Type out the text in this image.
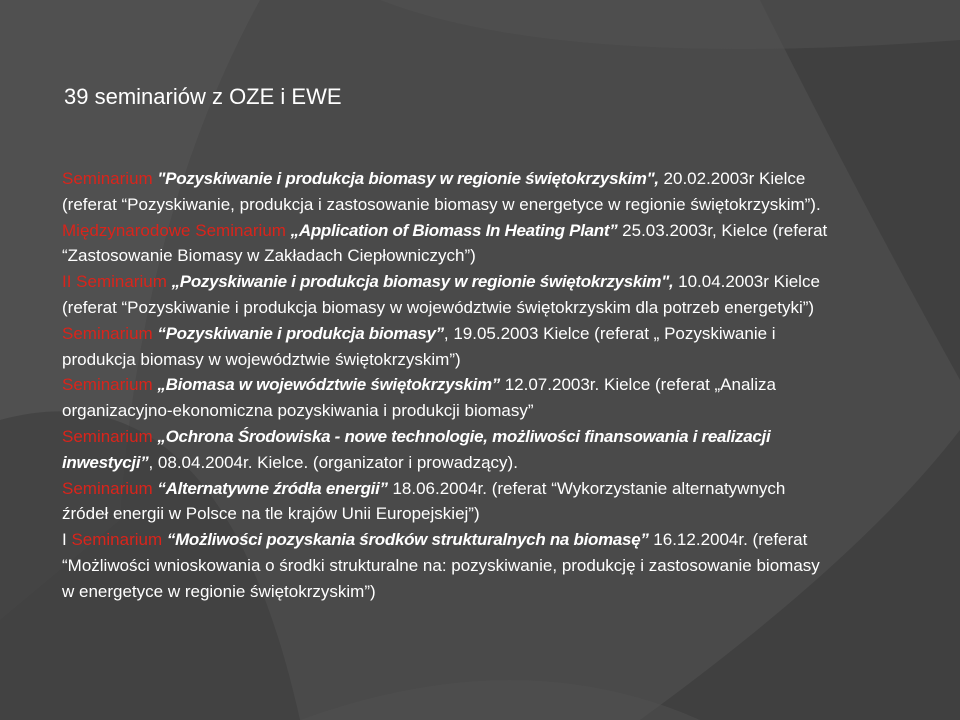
39 seminariów z OZE i EWE
Seminarium "Pozyskiwanie i produkcja biomasy w regionie świętokrzyskim", 20.02.2003r Kielce (referat “Pozyskiwanie, produkcja i zastosowanie biomasy w energetyce w regionie świętokrzyskim”).
Międzynarodowe Seminarium „Application of Biomass In Heating Plant” 25.03.2003r, Kielce (referat “Zastosowanie Biomasy w Zakładach Ciepłowniczych”)
II Seminarium „Pozyskiwanie i produkcja biomasy w regionie świętokrzyskim", 10.04.2003r Kielce (referat “Pozyskiwanie i produkcja biomasy w województwie świętokrzyskim dla potrzeb energetyki”)
Seminarium “Pozyskiwanie i produkcja biomasy”, 19.05.2003 Kielce (referat „ Pozyskiwanie i produkcja biomasy w województwie świętokrzyskim”)
Seminarium „Biomasa w województwie świętokrzyskim” 12.07.2003r. Kielce (referat „Analiza organizacyjno-ekonomiczna pozyskiwania i produkcji biomasy”
Seminarium „Ochrona Środowiska - nowe technologie, możliwości finansowania i realizacji inwestycji”, 08.04.2004r. Kielce. (organizator i prowadzący).
Seminarium “Alternatywne źródła energii” 18.06.2004r. (referat “Wykorzystanie alternatywnych źródeł energii w Polsce na tle krajów Unii Europejskiej”)
I Seminarium “Możliwości pozyskania środków strukturalnych na biomasę” 16.12.2004r. (referat “Możliwości wnioskowania o środki strukturalne na: pozyskiwanie, produkcję i zastosowanie biomasy w energetyce w regionie świętokrzyskim”)
